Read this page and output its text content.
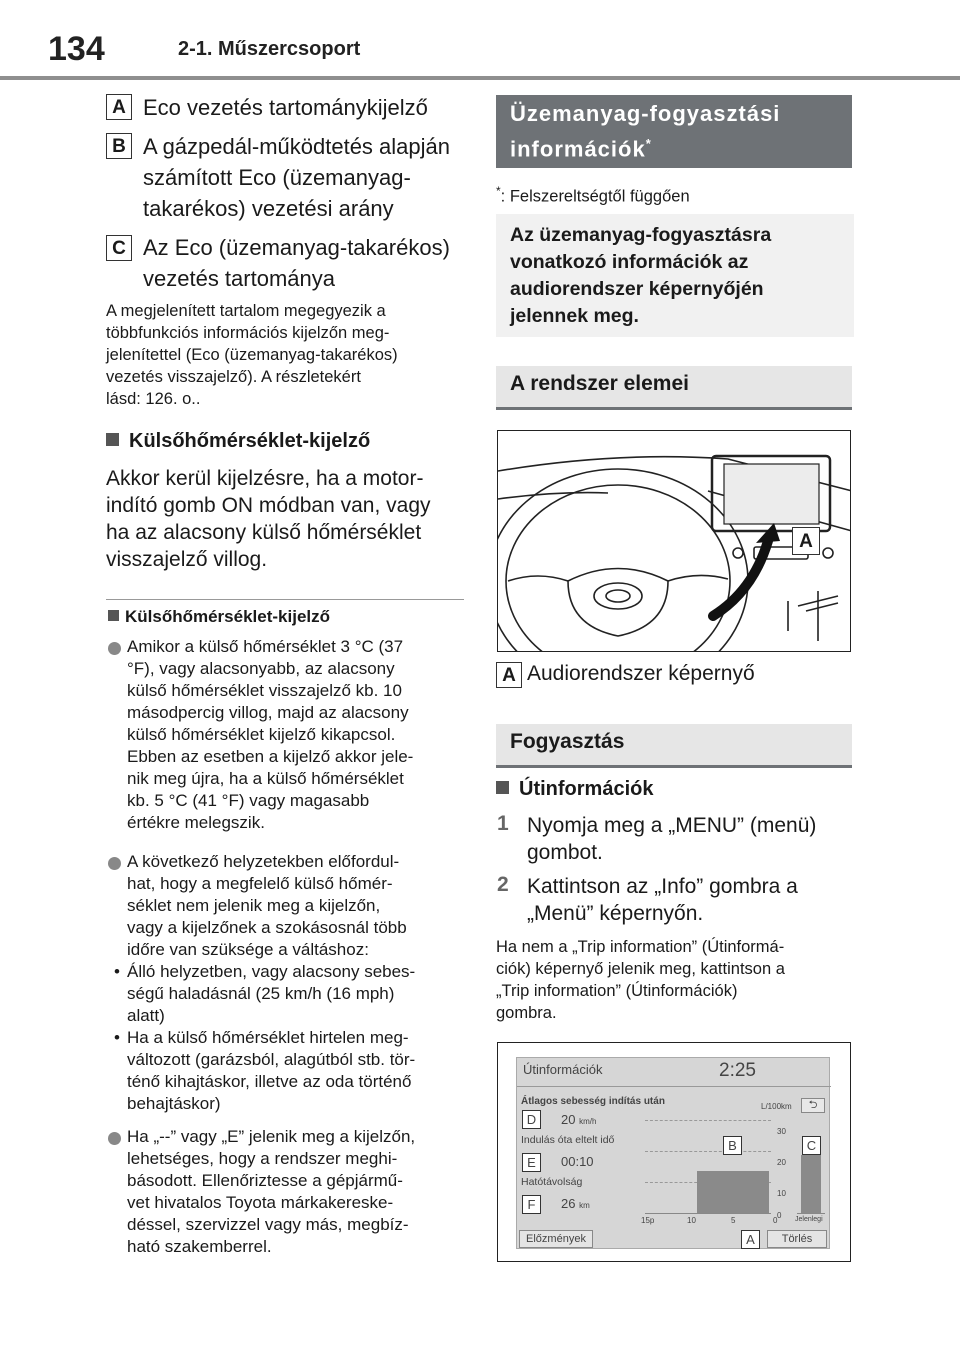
134	2-1. Műszercsoport
A Eco vezetés tartománykijelző
B A gázpedál-működtetés alapján
számított Eco (üzemanyag-
takarékos) vezetési arány
C Az Eco (üzemanyag-takarékos)
vezetés tartománya
A megjelenített tartalom megegyezik a
többfunkciós információs kijelzőn meg-
jelenítettel (Eco (üzemanyag-takarékos)
vezetés visszajelző). A részletekért
lásd: 126. o..
Külsőhőmérséklet-kijelző
Akkor kerül kijelzésre, ha a motor-
indító gomb ON módban van, vagy
ha az alacsony külső hőmérséklet
visszajelző villog.
Külsőhőmérséklet-kijelző
Amikor a külső hőmérséklet 3 °C (37
°F), vagy alacsonyabb, az alacsony
külső hőmérséklet visszajelző kb. 10
másodpercig villog, majd az alacsony
külső hőmérséklet kijelző kikapcsol.
Ebben az esetben a kijelző akkor jele-
nik meg újra, ha a külső hőmérséklet
kb. 5 °C (41 °F) vagy magasabb
értékre melegszik.
A következő helyzetekben előfordul-
hat, hogy a megfelelő külső hőmér-
séklet nem jelenik meg a kijelzőn,
vagy a kijelzőnek a szokásosnál több
időre van szüksége a váltáshoz:
• Álló helyzetben, vagy alacsony sebes-
ségű haladásnál (25 km/h (16 mph)
alatt)
• Ha a külső hőmérséklet hirtelen meg-
változott (garázsból, alagútból stb. tör-
ténő kihajtáskor, illetve az oda történő
behajtáskor)
Ha „--” vagy „E” jelenik meg a kijelzőn,
lehetséges, hogy a rendszer meghi-
básodott. Ellenőriztesse a gépjármű-
vet hivatalos Toyota márkakereske-
déssel, szervizzel vagy más, megbíz-
ható szakemberrel.
Üzemanyag-fogyasztási
információk*
*: Felszereltségtől függően
Az üzemanyag-fogyasztásra
vonatkozó információk az
audiorendszer képernyőjén
jelennek meg.
A rendszer elemei
A
A Audiorendszer képernyő
Fogyasztás
Útinformációk
1 Nyomja meg a „MENU” (menü)
gombot.
2 Kattintson az „Info” gombra a
„Menü” képernyőn.
Ha nem a „Trip information” (Útinformá-
ciók) képernyő jelenik meg, kattintson a
„Trip information” (Útinformációk)
gombra.
Útinformációk	2:25
Átlagos sebesség indítás után
20 km/h
Indulás óta eltelt idő
00:10
Hatótávolság
26 km
D
E
F
L/100km	⮌
30
20
10
0
15p	10	5	0	Jelenlegi
B	C
Előzmények	Törlés
A
